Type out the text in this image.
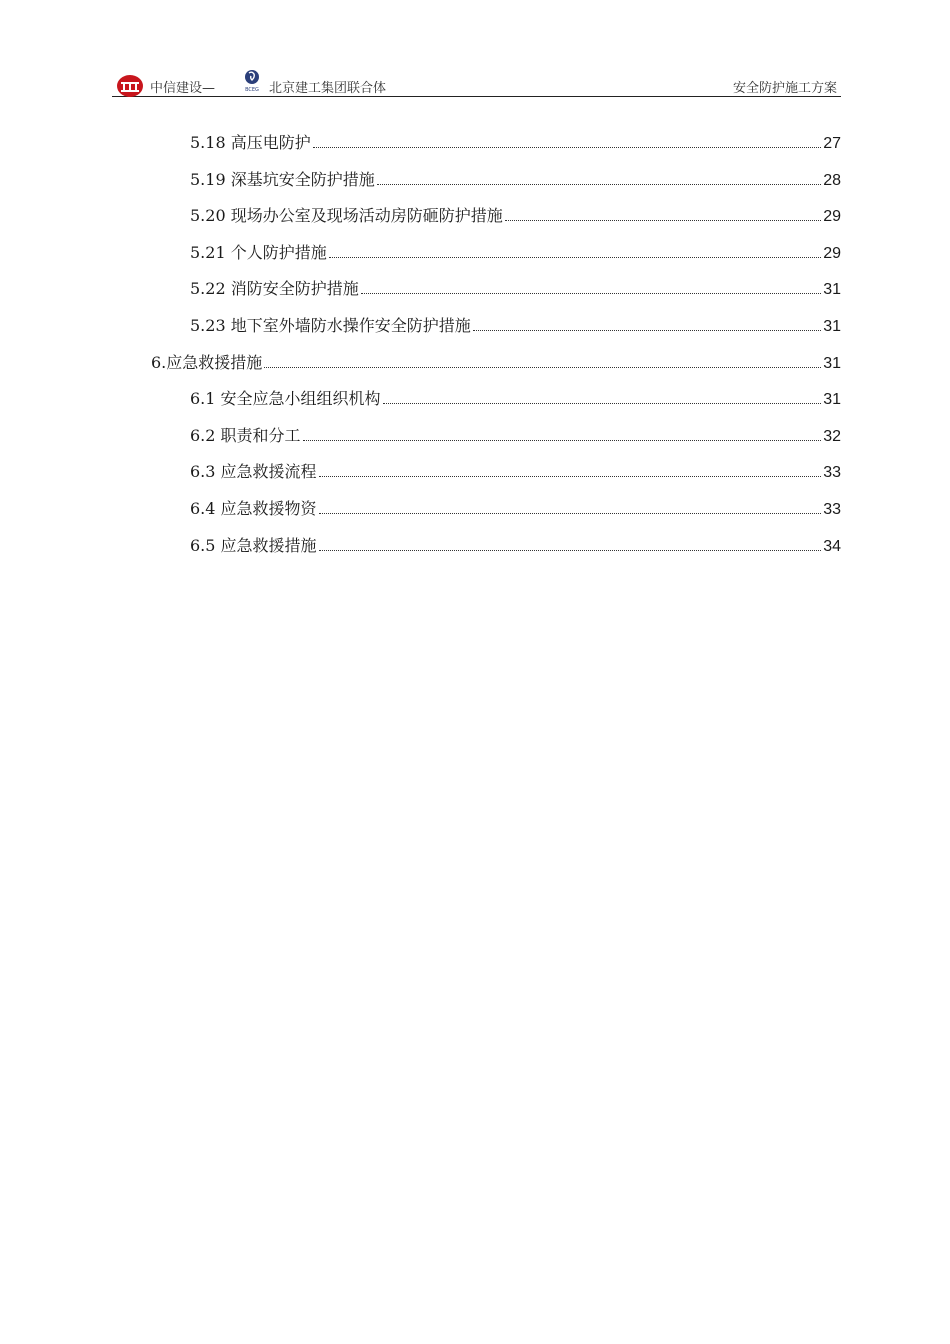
中信建设—	BCEG 北京建工集团联合体	安全防护施工方案
5.18 高压电防护	27
5.19 深基坑安全防护措施	28
5.20 现场办公室及现场活动房防砸防护措施	29
5.21 个人防护措施	29
5.22 消防安全防护措施	31
5.23 地下室外墙防水操作安全防护措施	31
6.应急救援措施	31
6.1 安全应急小组组织机构	31
6.2 职责和分工	32
6.3 应急救援流程	33
6.4 应急救援物资	33
6.5 应急救援措施	34
